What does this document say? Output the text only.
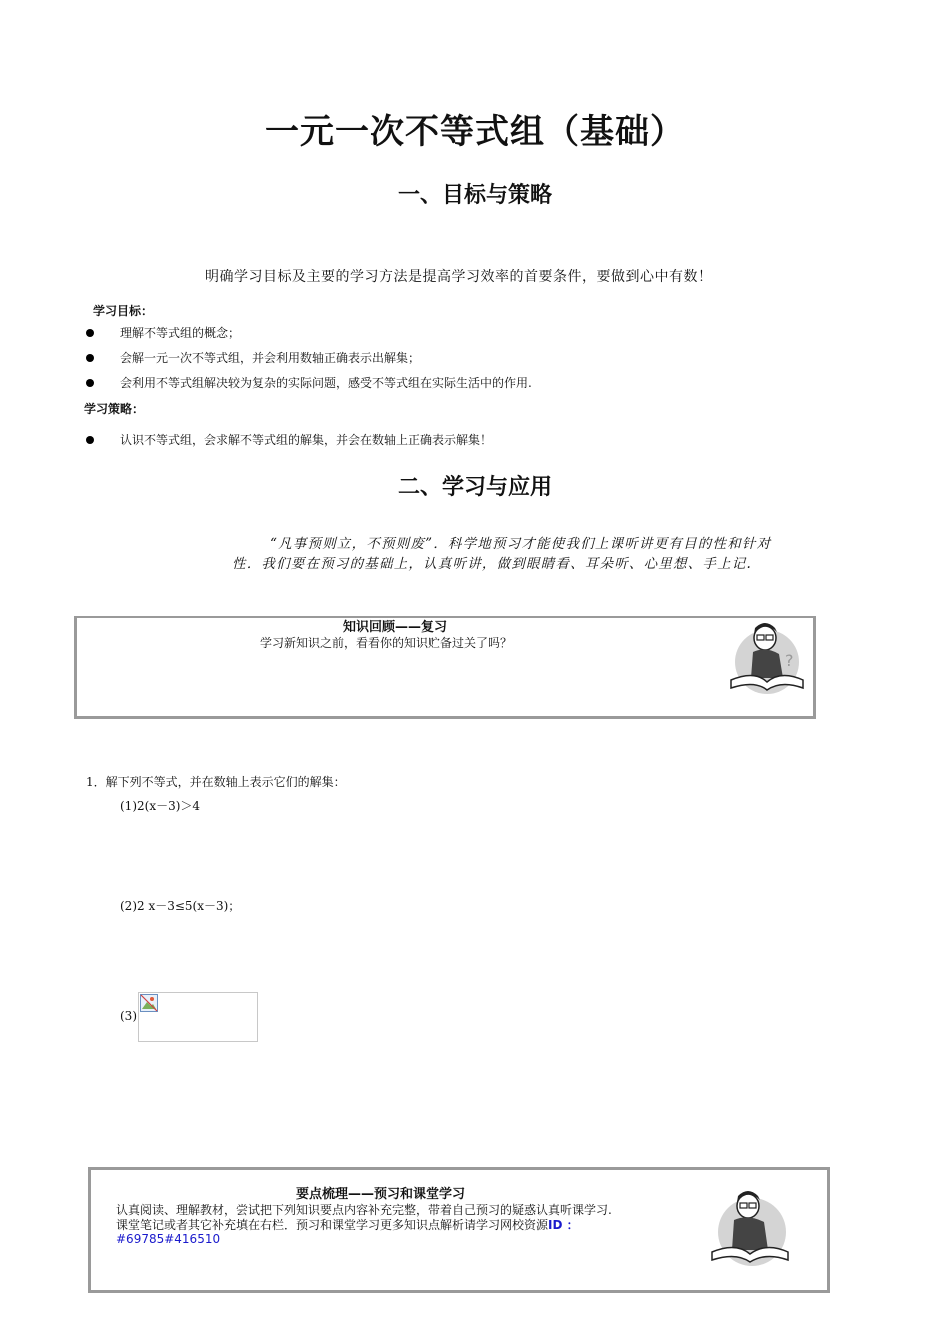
一元一次不等式组（基础）
一、目标与策略
明确学习目标及主要的学习方法是提高学习效率的首要条件，要做到心中有数！
学习目标：
理解不等式组的概念；
会解一元一次不等式组，并会利用数轴正确表示出解集；
会利用不等式组解决较为复杂的实际问题，感受不等式组在实际生活中的作用.
学习策略：
认识不等式组，会求解不等式组的解集，并会在数轴上正确表示解集！
二、学习与应用
“凡事预则立，不预则废”．科学地预习才能使我们上课听讲更有目的性和针对
性．我们要在预习的基础上，认真听讲，做到眼睛看、耳朵听、心里想、手上记.
知识回顾——复习
学习新知识之前，看看你的知识贮备过关了吗？
?
1．解下列不等式，并在数轴上表示它们的解集：
(1)2(x－3)＞4
(2)2 x－3≤5(x－3)；
(3)
要点梳理——预习和课堂学习
认真阅读、理解教材，尝试把下列知识要点内容补充完整，带着自己预习的疑惑认真听课学习.
课堂笔记或者其它补充填在右栏．预习和课堂学习更多知识点解析请学习网校资源ID ：
#69785#416510
